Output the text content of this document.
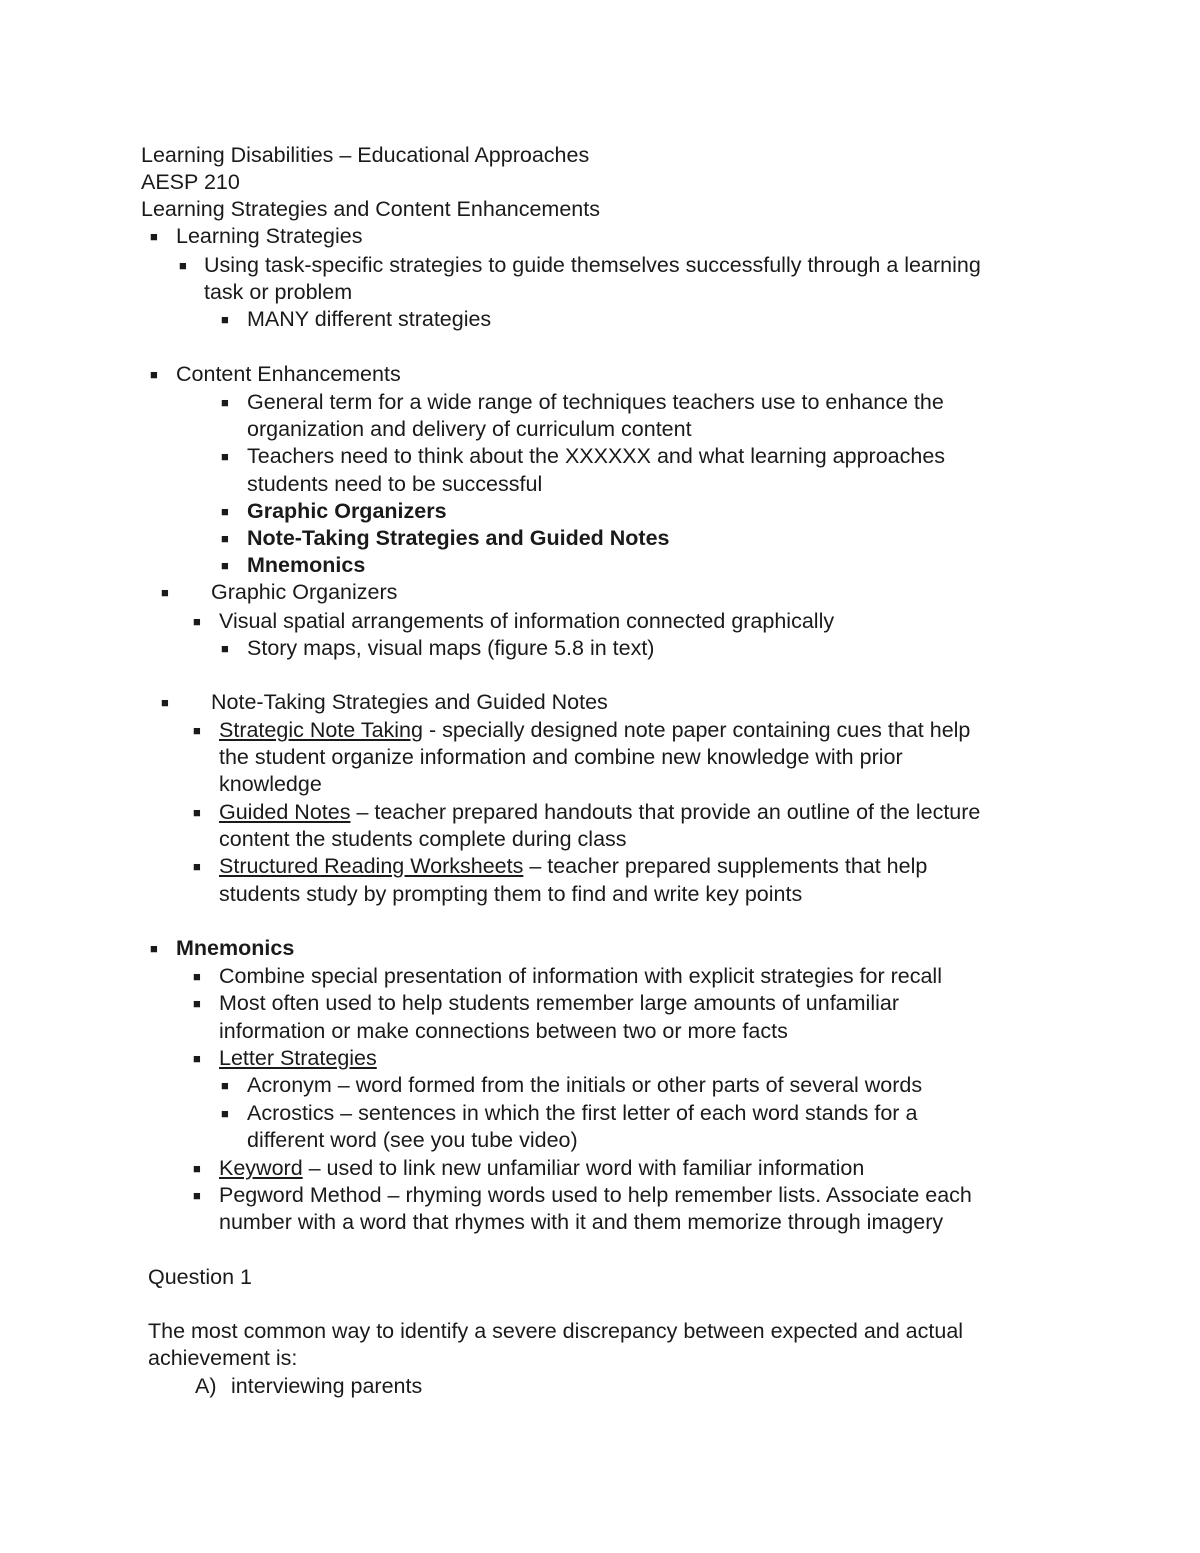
Learning Disabilities – Educational Approaches
AESP 210
Learning Strategies and Content Enhancements
■ Learning Strategies
■ Using task-specific strategies to guide themselves successfully through a learning
task or problem
■ MANY different strategies
■ Content Enhancements
■ General term for a wide range of techniques teachers use to enhance the
organization and delivery of curriculum content
■ Teachers need to think about the XXXXXX and what learning approaches
students need to be successful
■ Graphic Organizers
■ Note-Taking Strategies and Guided Notes
■ Mnemonics
■ Graphic Organizers
■ Visual spatial arrangements of information connected graphically
■ Story maps, visual maps (figure 5.8 in text)
■ Note-Taking Strategies and Guided Notes
■ Strategic Note Taking - specially designed note paper containing cues that help
the student organize information and combine new knowledge with prior
knowledge
■ Guided Notes – teacher prepared handouts that provide an outline of the lecture
content the students complete during class
■ Structured Reading Worksheets – teacher prepared supplements that help
students study by prompting them to find and write key points
■ Mnemonics
■ Combine special presentation of information with explicit strategies for recall
■ Most often used to help students remember large amounts of unfamiliar
information or make connections between two or more facts
■ Letter Strategies
■ Acronym – word formed from the initials or other parts of several words
■ Acrostics – sentences in which the first letter of each word stands for a
different word (see you tube video)
■ Keyword – used to link new unfamiliar word with familiar information
■ Pegword Method – rhyming words used to help remember lists. Associate each
number with a word that rhymes with it and them memorize through imagery
Question 1
The most common way to identify a severe discrepancy between expected and actual
achievement is:
A) interviewing parents
